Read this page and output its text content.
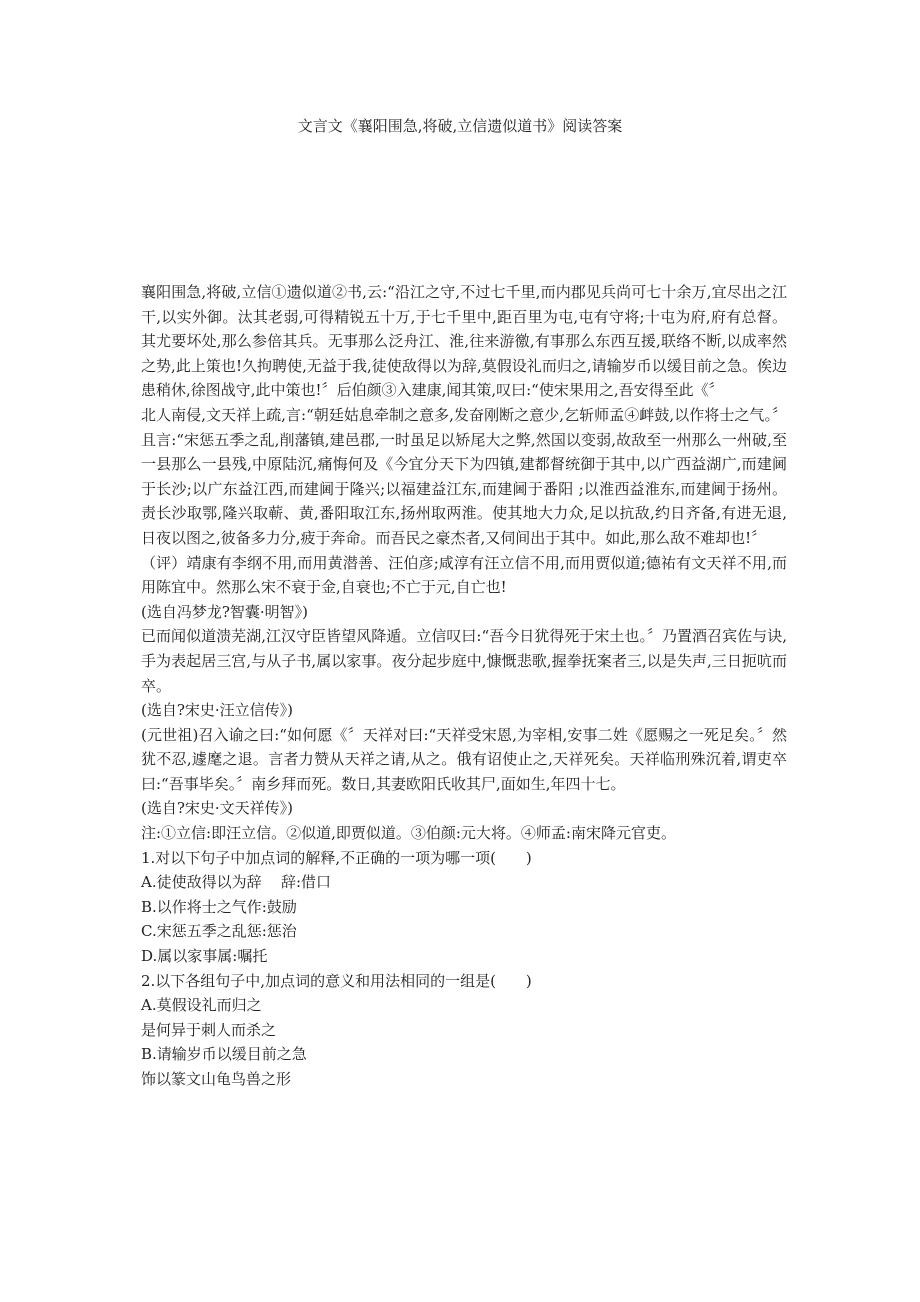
文言文《襄阳围急,将破,立信遗似道书》阅读答案

襄阳围急,将破,立信①遗似道②书,云:“沿江之守,不过七千里,而内郡见兵尚可七十余万,宜尽出之江干,以实外御。汰其老弱,可得精锐五十万,于七千里中,距百里为屯,屯有守将;十屯为府,府有总督。其尤要坏处,那么参倍其兵。无事那么泛舟江、淮,往来游徼,有事那么东西互援,联络不断,以成率然之势,此上策也!久拘聘使,无益于我,徒使敌得以为辞,莫假设礼而归之,请输岁币以缓目前之急。俟边患稍休,徐图战守,此中策也!〞后伯颜③入建康,闻其策,叹曰:“使宋果用之,吾安得至此《〞

北人南侵,文天祥上疏,言:“朝廷姑息牵制之意多,发奋刚断之意少,乞斩师孟④衅鼓,以作将士之气。〞且言:“宋惩五季之乱,削藩镇,建邑郡,一时虽足以矫尾大之弊,然国以变弱,故敌至一州那么一州破,至一县那么一县残,中原陆沉,痛悔何及《今宜分天下为四镇,建都督统御于其中,以广西益湖广,而建阃于长沙;以广东益江西,而建阃于隆兴;以福建益江东,而建阃于番阳 ;以淮西益淮东,而建阃于扬州。责长沙取鄂,隆兴取蕲、黄,番阳取江东,扬州取两淮。使其地大力众,足以抗敌,约日齐备,有进无退,日夜以图之,彼备多力分,疲于奔命。而吾民之豪杰者,又伺间出于其中。如此,那么敌不难却也!〞

（评）靖康有李纲不用,而用黄潜善、汪伯彦;咸淳有汪立信不用,而用贾似道;德祐有文天祥不用,而用陈宜中。然那么宋不衰于金,自衰也;不亡于元,自亡也!

(选自冯梦龙?智囊·明智》)

已而闻似道溃芜湖,江汉守臣皆望风降遁。立信叹曰:“吾今日犹得死于宋土也。〞乃置酒召宾佐与诀,手为表起居三宫,与从子书,属以家事。夜分起步庭中,慷慨悲歌,握拳抚案者三,以是失声,三日扼吭而卒。

(选自?宋史·汪立信传》)

(元世祖)召入谕之曰:“如何愿《〞天祥对曰:“天祥受宋恩,为宰相,安事二姓《愿赐之一死足矣。〞然犹不忍,遽麾之退。言者力赞从天祥之请,从之。俄有诏使止之,天祥死矣。天祥临刑殊沉着,谓吏卒曰:“吾事毕矣。〞南乡拜而死。数日,其妻欧阳氏收其尸,面如生,年四十七。

(选自?宋史·文天祥传》)

注:①立信:即汪立信。②似道,即贾似道。③伯颜:元大将。④师孟:南宋降元官吏。

1.对以下句子中加点词的解释,不正确的一项为哪一项(　　)

A.徒使敌得以为辞 辞:借口

B.以作将士之气作:鼓励

C.宋惩五季之乱惩:惩治

D.属以家事属:嘱托

2.以下各组句子中,加点词的意义和用法相同的一组是(　　)

A.莫假设礼而归之

是何异于刺人而杀之

B.请输岁币以缓目前之急

饰以篆文山龟鸟兽之形
